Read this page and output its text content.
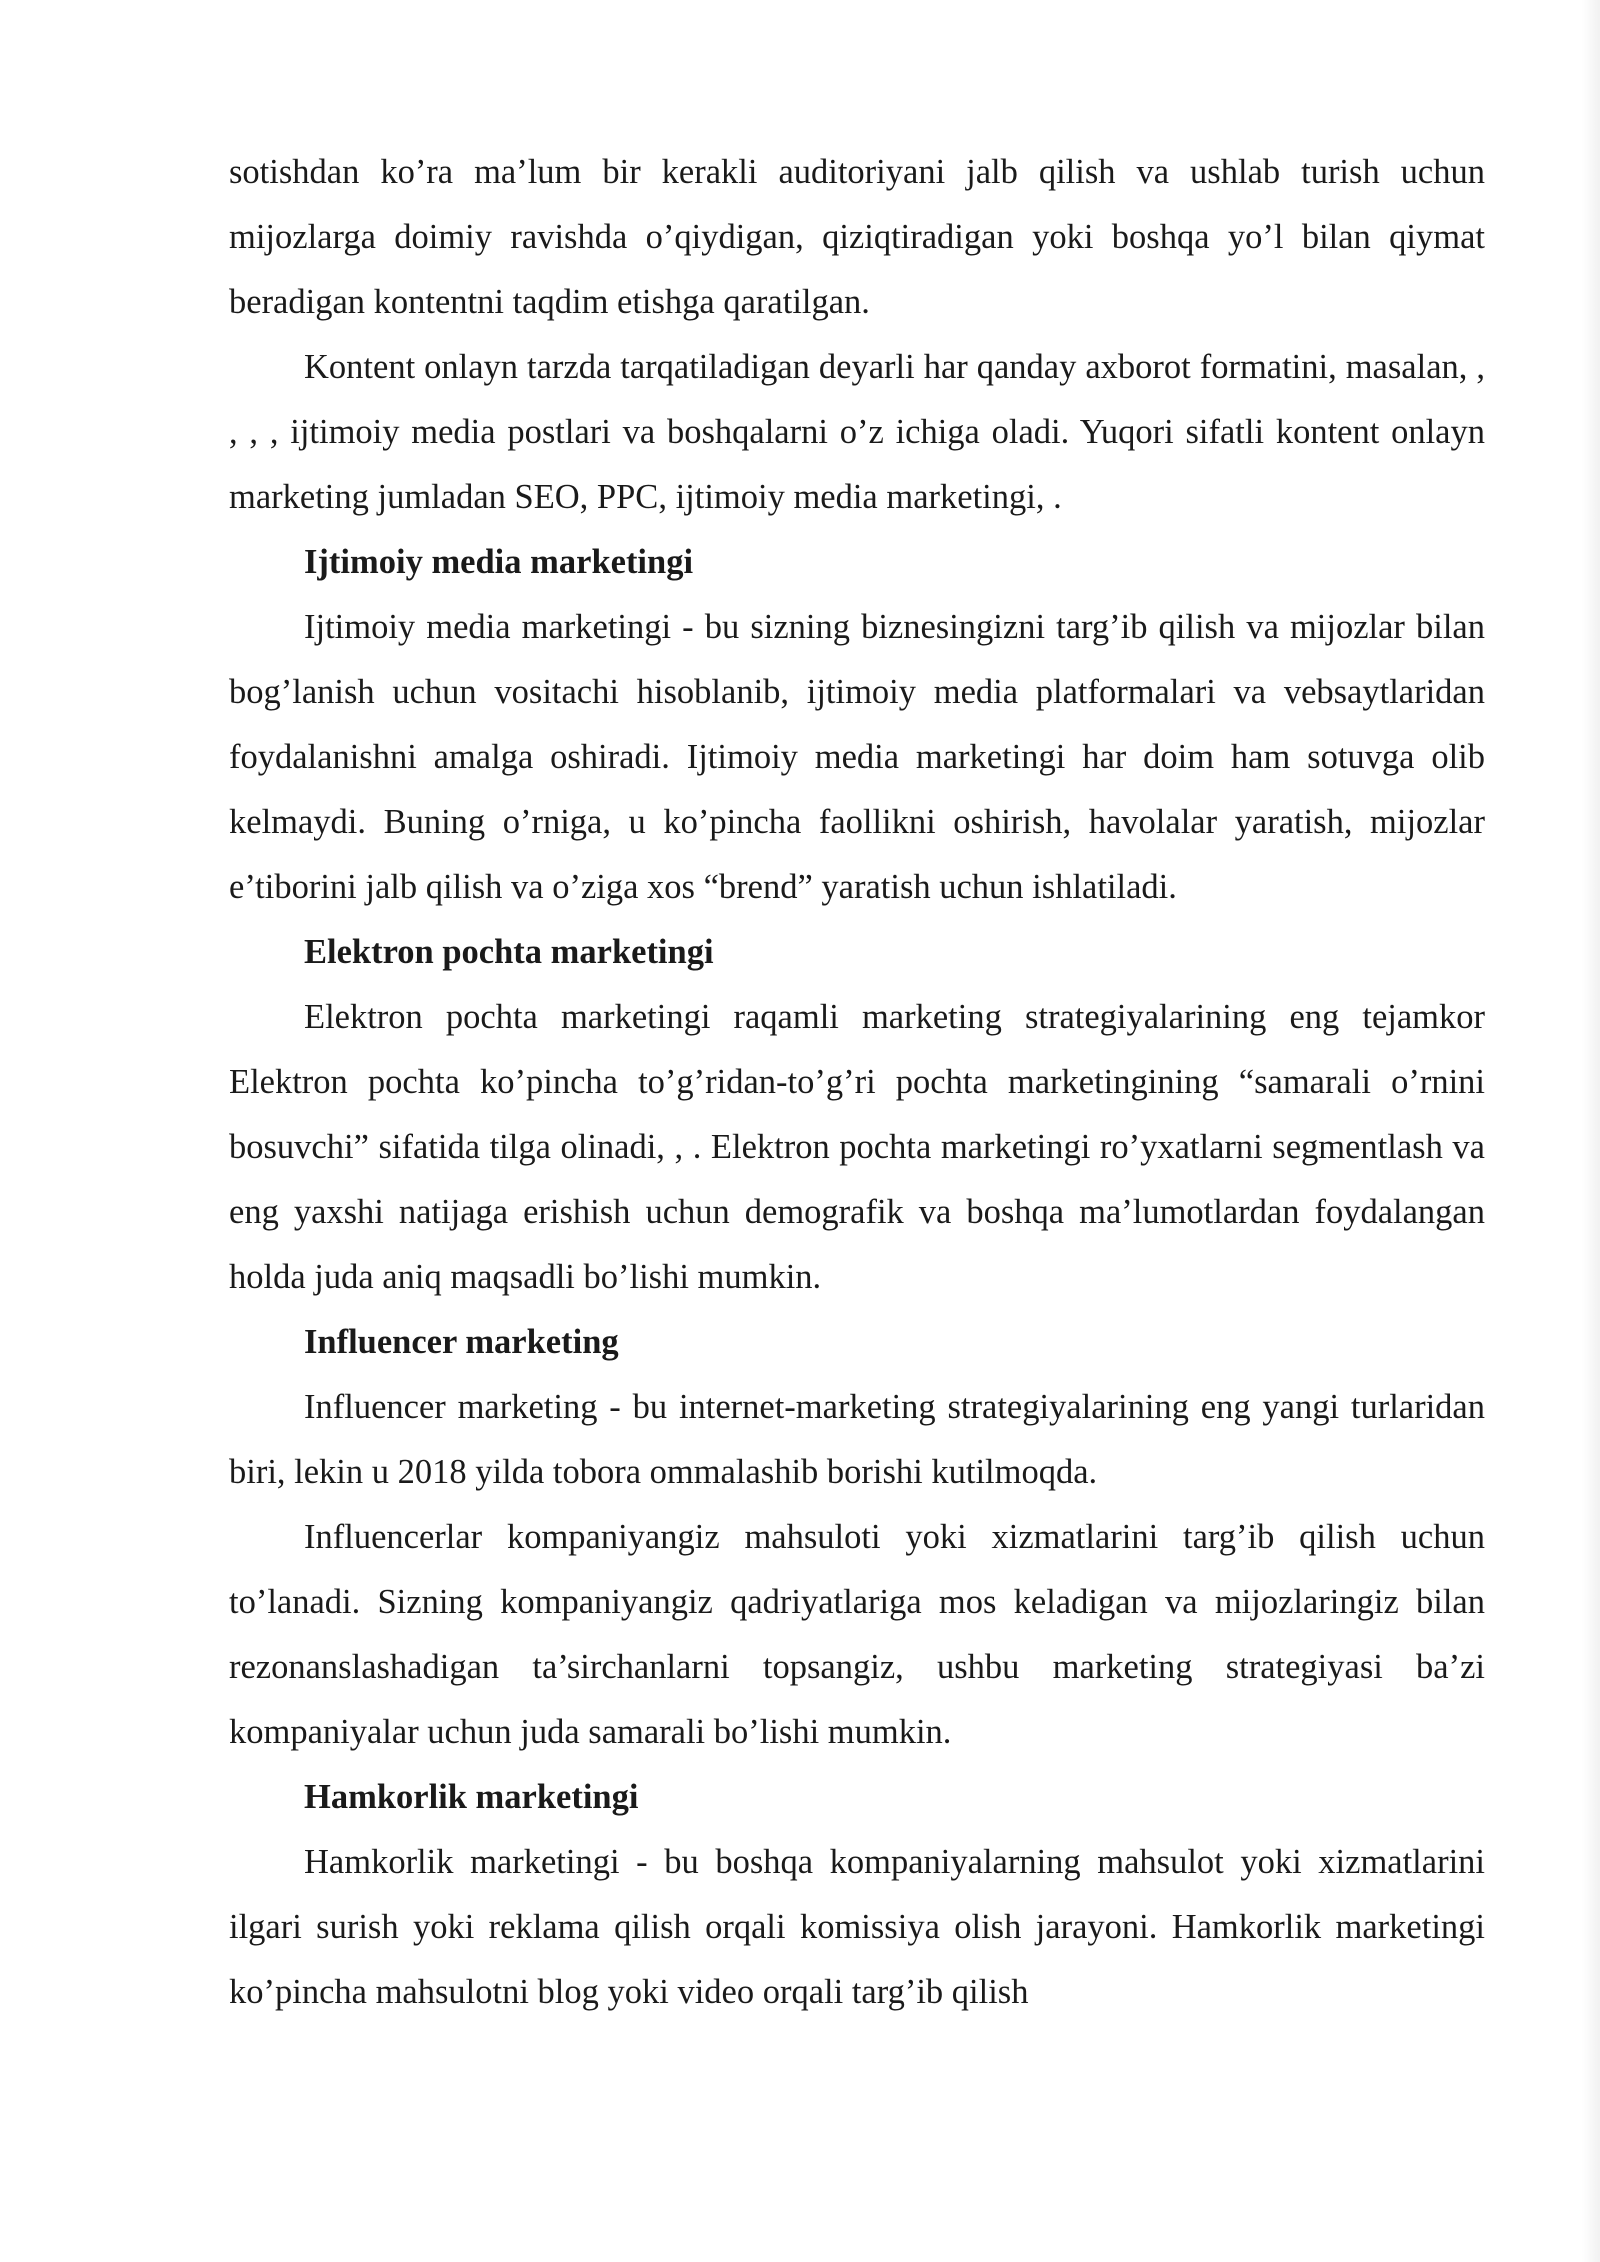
sotishdan ko’ra ma’lum bir kerakli auditoriyani jalb qilish va ushlab turish uchun mijozlarga doimiy ravishda o’qiydigan, qiziqtiradigan yoki boshqa yo’l bilan qiymat beradigan kontentni taqdim etishga qaratilgan.

Kontent onlayn tarzda tarqatiladigan deyarli har qanday axborot formatini, masalan, , , , , ijtimoiy media postlari va boshqalarni o’z ichiga oladi. Yuqori sifatli kontent onlayn marketing jumladan SEO, PPC, ijtimoiy media marketingi, .

Ijtimoiy media marketingi

Ijtimoiy media marketingi - bu sizning biznesingizni targ’ib qilish va mijozlar bilan bog’lanish uchun vositachi hisoblanib, ijtimoiy media platformalari va vebsaytlaridan foydalanishni amalga oshiradi. Ijtimoiy media marketingi har doim ham sotuvga olib kelmaydi. Buning o’rniga, u ko’pincha faollikni oshirish, havolalar yaratish, mijozlar e’tiborini jalb qilish va o’ziga xos “brend” yaratish uchun ishlatiladi.

Elektron pochta marketingi

Elektron pochta marketingi raqamli marketing strategiyalarining eng tejamkor Elektron pochta ko’pincha to’g’ridan-to’g’ri pochta marketingining “samarali o’rnini bosuvchi” sifatida tilga olinadi, , . Elektron pochta marketingi ro’yxatlarni segmentlash va eng yaxshi natijaga erishish uchun demografik va boshqa ma’lumotlardan foydalangan holda juda aniq maqsadli bo’lishi mumkin.

Influencer marketing

Influencer marketing - bu internet-marketing strategiyalarining eng yangi turlaridan biri, lekin u 2018 yilda tobora ommalashib borishi kutilmoqda.

Influencerlar kompaniyangiz mahsuloti yoki xizmatlarini targ’ib qilish uchun to’lanadi. Sizning kompaniyangiz qadriyatlariga mos keladigan va mijozlaringiz bilan rezonanslashadigan ta’sirchanlarni topsangiz, ushbu marketing strategiyasi ba’zi kompaniyalar uchun juda samarali bo’lishi mumkin.

Hamkorlik marketingi

Hamkorlik marketingi - bu boshqa kompaniyalarning mahsulot yoki xizmatlarini ilgari surish yoki reklama qilish orqali komissiya olish jarayoni. Hamkorlik marketingi ko’pincha mahsulotni blog yoki video orqali targ’ib qilish
